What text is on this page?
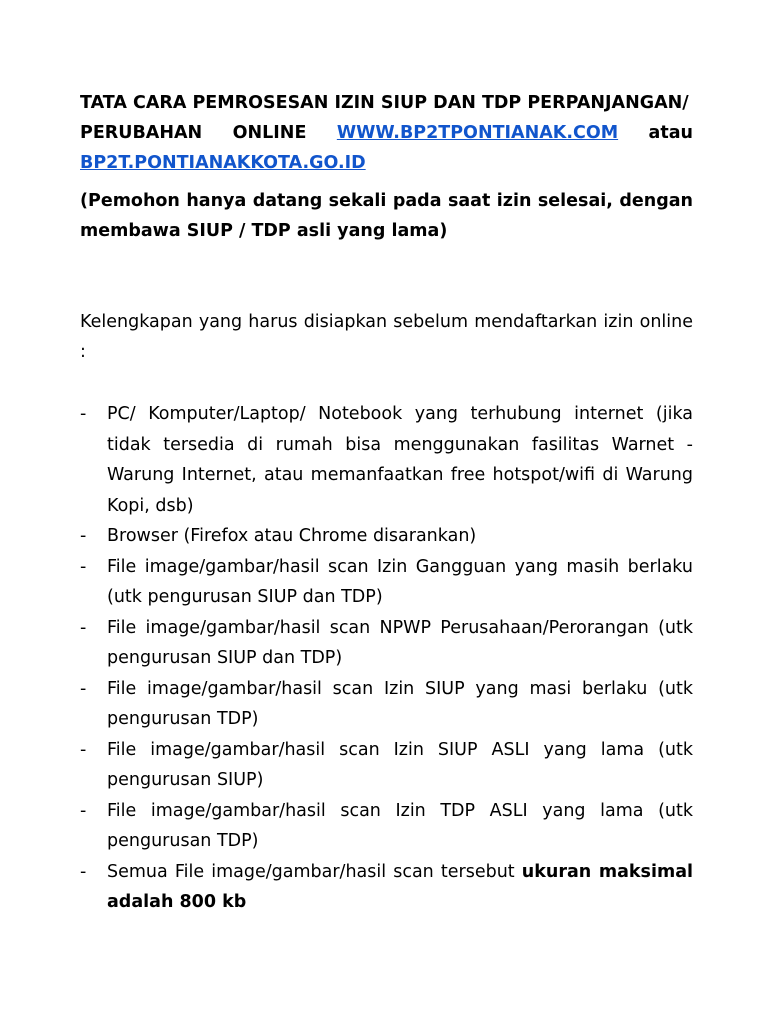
TATA CARA PEMROSESAN IZIN SIUP DAN TDP PERPANJANGAN/
PERUBAHAN ONLINE WWW.BP2TPONTIANAK.COM atau
BP2T.PONTIANAKKOTA.GO.ID

(Pemohon hanya datang sekali pada saat izin selesai, dengan membawa SIUP / TDP asli yang lama)

Kelengkapan yang harus disiapkan sebelum mendaftarkan izin online :

- PC/ Komputer/Laptop/ Notebook yang terhubung internet (jika tidak tersedia di rumah bisa menggunakan fasilitas Warnet - Warung Internet, atau memanfaatkan free hotspot/wifi di Warung Kopi, dsb)
- Browser (Firefox atau Chrome disarankan)
- File image/gambar/hasil scan Izin Gangguan yang masih berlaku (utk pengurusan SIUP dan TDP)
- File image/gambar/hasil scan NPWP Perusahaan/Perorangan (utk pengurusan SIUP dan TDP)
- File image/gambar/hasil scan Izin SIUP yang masi berlaku (utk pengurusan TDP)
- File image/gambar/hasil scan Izin SIUP ASLI yang lama (utk pengurusan SIUP)
- File image/gambar/hasil scan Izin TDP ASLI yang lama (utk pengurusan TDP)
- Semua File image/gambar/hasil scan tersebut ukuran maksimal adalah 800 kb
